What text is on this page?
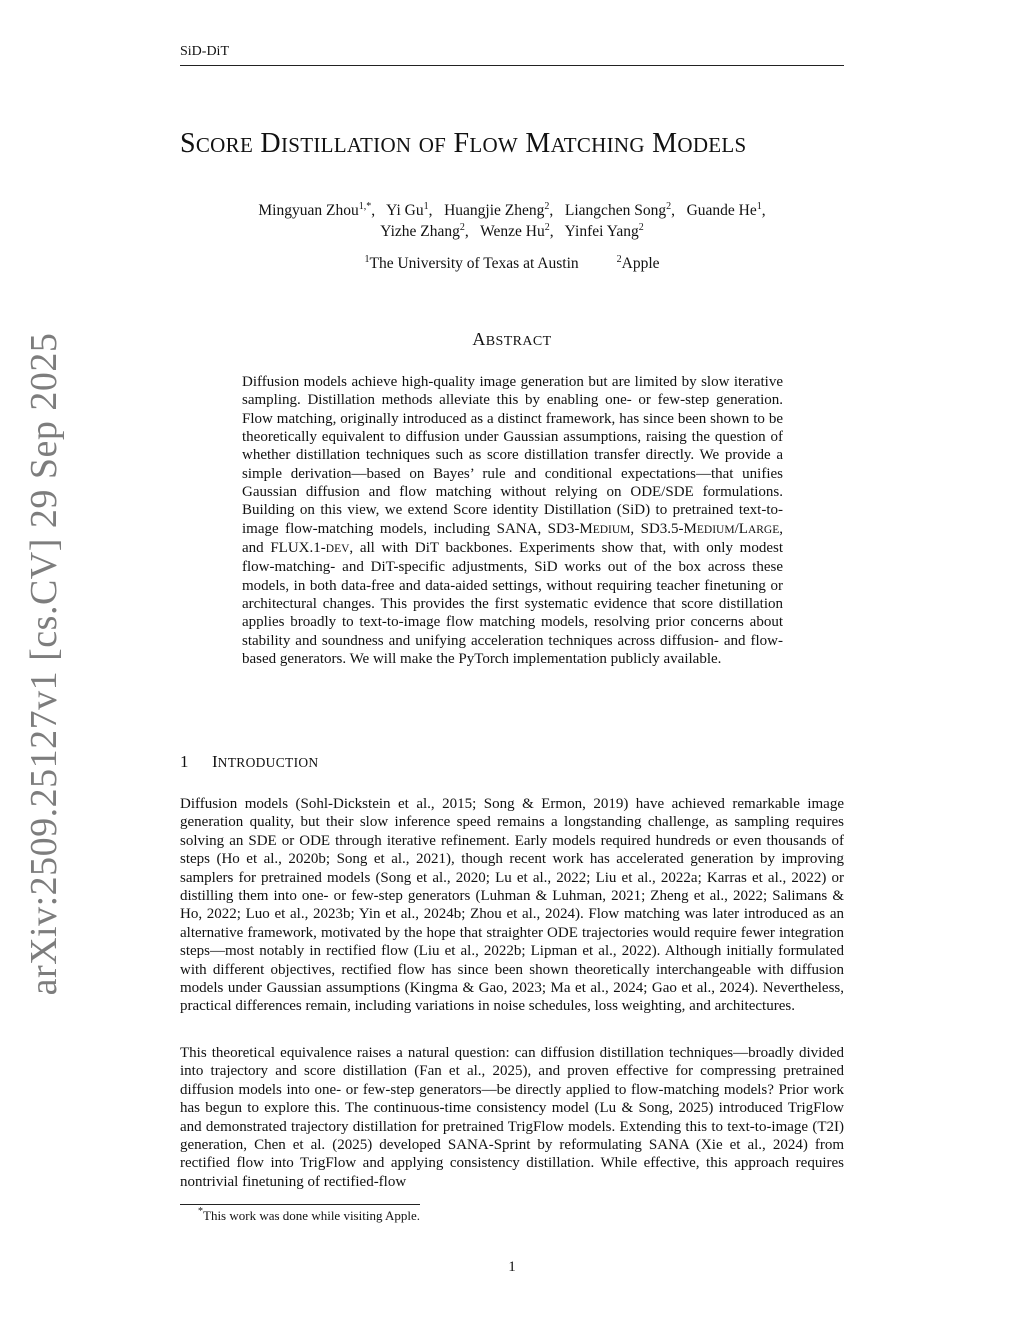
SiD-DiT
SCORE DISTILLATION OF FLOW MATCHING MODELS
Mingyuan Zhou$^{1,*}$, Yi Gu$^1$, Huangjie Zheng$^2$, Liangchen Song$^2$, Guande He$^1$,
Yizhe Zhang$^2$, Wenze Hu$^2$, Yinfei Yang$^2$
$^1$The University of Texas at Austin	$^2$Apple
ABSTRACT
Diffusion models achieve high-quality image generation but are limited by slow iterative sampling. Distillation methods alleviate this by enabling one- or few-step generation. Flow matching, originally introduced as a distinct framework, has since been shown to be theoretically equivalent to diffusion under Gaussian assumptions, raising the question of whether distillation techniques such as score distillation transfer directly. We provide a simple derivation—based on Bayes’ rule and conditional expectations—that unifies Gaussian diffusion and flow matching without relying on ODE/SDE formulations. Building on this view, we extend Score identity Distillation (SiD) to pretrained text-to-image flow-matching models, including SANA, SD3-MEDIUM, SD3.5-MEDIUM/LARGE, and FLUX.1-DEV, all with DiT backbones. Experiments show that, with only modest flow-matching- and DiT-specific adjustments, SiD works out of the box across these models, in both data-free and data-aided settings, without requiring teacher finetuning or architectural changes. This provides the first systematic evidence that score distillation applies broadly to text-to-image flow matching models, resolving prior concerns about stability and soundness and unifying acceleration techniques across diffusion- and flow-based generators. We will make the PyTorch implementation publicly available.
1 INTRODUCTION
Diffusion models (Sohl-Dickstein et al., 2015; Song & Ermon, 2019) have achieved remarkable image generation quality, but their slow inference speed remains a longstanding challenge, as sampling requires solving an SDE or ODE through iterative refinement. Early models required hundreds or even thousands of steps (Ho et al., 2020b; Song et al., 2021), though recent work has accelerated generation by improving samplers for pretrained models (Song et al., 2020; Lu et al., 2022; Liu et al., 2022a; Karras et al., 2022) or distilling them into one- or few-step generators (Luhman & Luhman, 2021; Zheng et al., 2022; Salimans & Ho, 2022; Luo et al., 2023b; Yin et al., 2024b; Zhou et al., 2024). Flow matching was later introduced as an alternative framework, motivated by the hope that straighter ODE trajectories would require fewer integration steps—most notably in rectified flow (Liu et al., 2022b; Lipman et al., 2022). Although initially formulated with different objectives, rectified flow has since been shown theoretically interchangeable with diffusion models under Gaussian assumptions (Kingma & Gao, 2023; Ma et al., 2024; Gao et al., 2024). Nevertheless, practical differences remain, including variations in noise schedules, loss weighting, and architectures.
This theoretical equivalence raises a natural question: can diffusion distillation techniques—broadly divided into trajectory and score distillation (Fan et al., 2025), and proven effective for compressing pretrained diffusion models into one- or few-step generators—be directly applied to flow-matching models? Prior work has begun to explore this. The continuous-time consistency model (Lu & Song, 2025) introduced TrigFlow and demonstrated trajectory distillation for pretrained TrigFlow models. Extending this to text-to-image (T2I) generation, Chen et al. (2025) developed SANA-Sprint by reformulating SANA (Xie et al., 2024) from rectified flow into TrigFlow and applying consistency distillation. While effective, this approach requires nontrivial finetuning of rectified-flow
*This work was done while visiting Apple.
1
arXiv:2509.25127v1 [cs.CV] 29 Sep 2025
